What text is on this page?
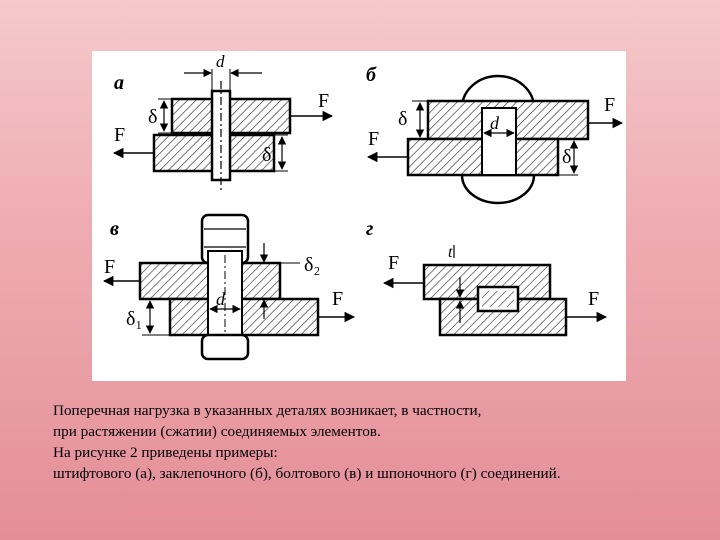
а
d
δ
δ
F
F
б
d
δ
δ
F
F
в
d
δ₂
δ₁
F
F
г
t
F
F
Поперечная нагрузка в указанных деталях возникает, в частности,
при растяжении (сжатии) соединяемых элементов.
На рисунке 2 приведены примеры:
штифтового (а), заклепочного (б), болтового (в) и шпоночного (г) соединений.
